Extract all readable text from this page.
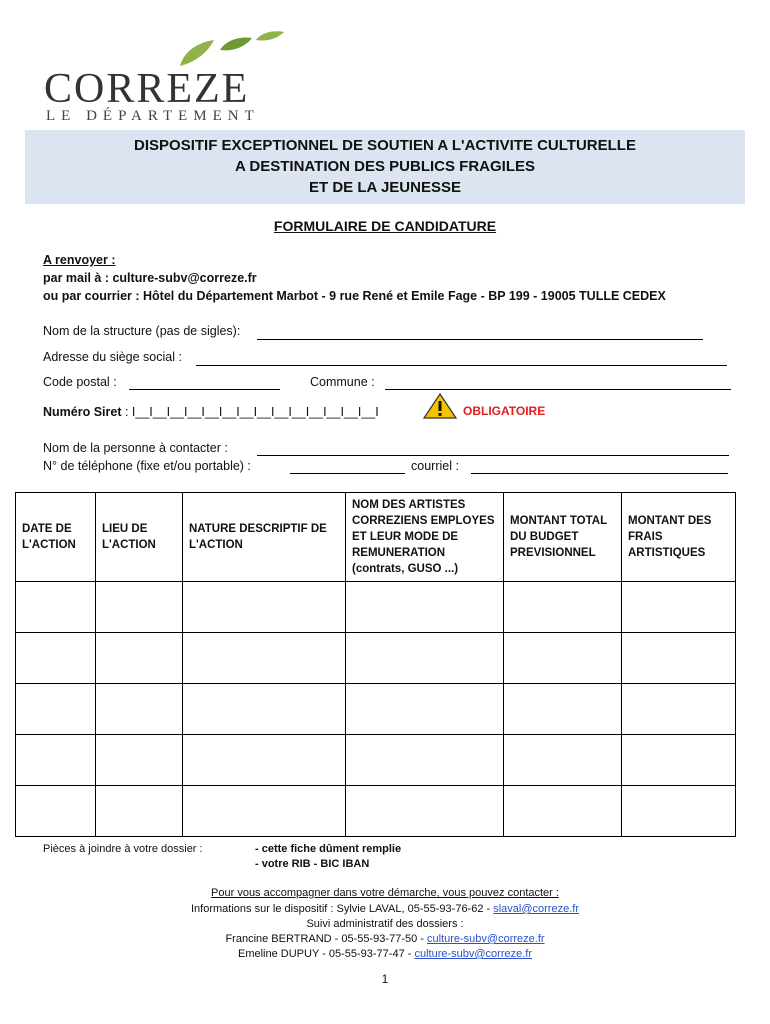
CORREZE
LE DÉPARTEMENT
DISPOSITIF EXCEPTIONNEL DE SOUTIEN A L'ACTIVITE CULTURELLE
A DESTINATION DES PUBLICS FRAGILES
ET DE LA JEUNESSE
FORMULAIRE DE CANDIDATURE
A renvoyer :
par mail à : culture-subv@correze.fr
ou par courrier : Hôtel du Département Marbot - 9 rue René et Emile Fage - BP 199 - 19005 TULLE CEDEX
Nom de la structure (pas de sigles):
Adresse du siège social :
Code postal :	Commune :
Numéro Siret : I__I__I__I__I__I__I__I__I__I__I__I__I__I__I	OBLIGATOIRE
Nom de la personne à contacter :
N° de téléphone (fixe et/ou portable) :	courriel :
DATE DE L'ACTION	LIEU DE L'ACTION	NATURE DESCRIPTIF DE L'ACTION	NOM DES ARTISTES CORREZIENS EMPLOYES ET LEUR MODE DE REMUNERATION (contrats, GUSO ...)	MONTANT TOTAL DU BUDGET PREVISIONNEL	MONTANT DES FRAIS ARTISTIQUES

Pièces à joindre à votre dossier :	- cette fiche dûment remplie
- votre RIB - BIC IBAN
Pour vous accompagner dans votre démarche, vous pouvez contacter :
Informations sur le dispositif : Sylvie LAVAL, 05-55-93-76-62 - slaval@correze.fr
Suivi administratif des dossiers :
Francine BERTRAND - 05-55-93-77-50 - culture-subv@correze.fr
Emeline DUPUY - 05-55-93-77-47 - culture-subv@correze.fr
1
